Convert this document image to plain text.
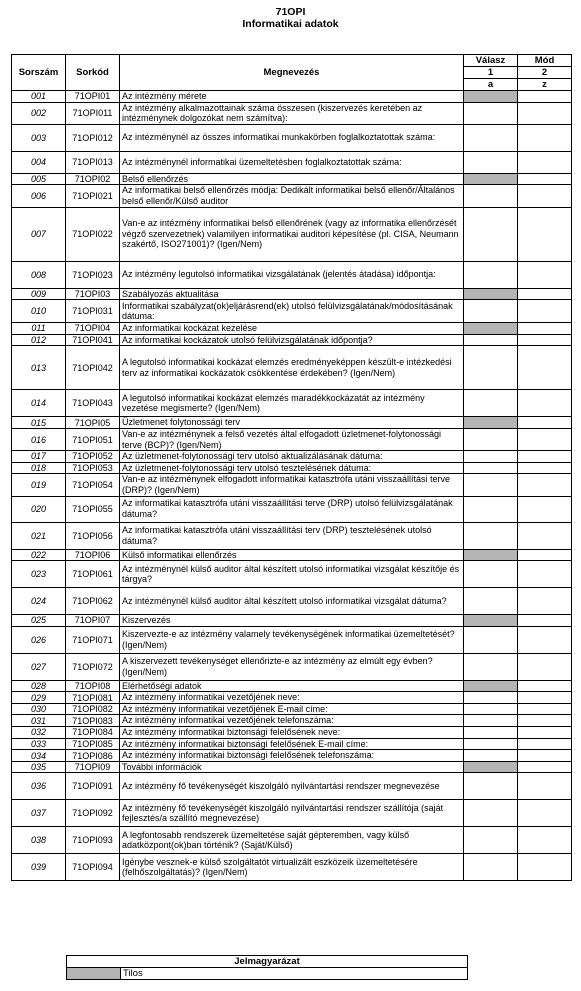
71OPI
Informatikai adatok
Sorszám	Sorkód	Megnevezés	Válasz	Mód
			1	2
			a	z
001	71OPI01	Az intézmény mérete		
002	71OPI011	Az intézmény alkalmazottainak száma összesen (kiszervezés keretében az intézménynek dolgozókat nem számítva):		
003	71OPI012	Az intézménynél az összes informatikai munkakörben foglalkoztatottak száma:		
004	71OPI013	Az intézménynél informatikai üzemeltetésben foglalkoztatottak száma:		
005	71OPI02	Belső ellenőrzés		
006	71OPI021	Az informatikai belső ellenőrzés módja: Dedikált informatikai belső ellenőr/Általános belső ellenőr/Külső auditor		
007	71OPI022	Van-e az intézmény informatikai belső ellenőrének (vagy az informatika ellenőrzését végző szervezetnek) valamilyen informatikai auditori képesítése (pl. CISA, Neumann szakértő, ISO271001)? (Igen/Nem)		
008	71OPI023	Az intézmény legutolsó informatikai vizsgálatának (jelentés átadása) időpontja:		
009	71OPI03	Szabályozás aktualitása		
010	71OPI031	Informatikai szabályzat(ok)eljárásrend(ek) utolsó felülvizsgálatának/módosításának dátuma:		
011	71OPI04	Az informatikai kockázat kezelése		
012	71OPI041	Az informatikai kockázatok utolsó felülvizsgálatának időpontja?		
013	71OPI042	A legutolsó informatikai kockázat elemzés eredményeképpen készült-e intézkedési terv az informatikai kockázatok csökkentése érdekében? (Igen/Nem)		
014	71OPI043	A legutolsó informatikai kockázat elemzés maradékkockázatát az intézmény vezetése megismerte? (Igen/Nem)		
015	71OPI05	Üzletmenet folytonossági terv		
016	71OPI051	Van-e az intézménynek a felső vezetés által elfogadott üzletmenet-folytonossági terve (BCP)? (Igen/Nem)		
017	71OPI052	Az üzletmenet-folytonossági terv utolsó aktualizálásának dátuma:		
018	71OPI053	Az üzletmenet-folytonossági terv utolsó tesztelésének dátuma:		
019	71OPI054	Van-e az intézménynek elfogadott informatikai katasztrófa utáni visszaállítási terve (DRP)? (Igen/Nem)		
020	71OPI055	Az informatikai katasztrófa utáni visszaállítási terve (DRP) utolsó felülvizsgálatának dátuma?		
021	71OPI056	Az informatikai katasztrófa utáni visszaállítási terv (DRP) tesztelésének utolsó dátuma?		
022	71OPI06	Külső informatikai ellenőrzés		
023	71OPI061	Az intézménynél külső auditor által készített utolsó informatikai vizsgálat készítője és tárgya?		
024	71OPI062	Az intézménynél külső auditor által készített utolsó informatikai vizsgálat dátuma?		
025	71OPI07	Kiszervezés		
026	71OPI071	Kiszervezte-e az intézmény valamely tevékenységének informatikai üzemeltetését? (Igen/Nem)		
027	71OPI072	A kiszervezett tevékenységet ellenőrizte-e az intézmény az elmúlt egy évben? (Igen/Nem)		
028	71OPI08	Elérhetőségi adatok		
029	71OPI081	Az intézmény informatikai vezetőjének neve:		
030	71OPI082	Az intézmény informatikai vezetőjének E-mail címe:		
031	71OPI083	Az intézmény informatikai vezetőjének telefonszáma:		
032	71OPI084	Az intézmény informatikai biztonsági felelősének neve:		
033	71OPI085	Az intézmény informatikai biztonsági felelősének E-mail címe:		
034	71OPI086	Az intézmény informatikai biztonsági felelősének telefonszáma:		
035	71OPI09	További információk		
036	71OPI091	Az intézmény fő tevékenységét kiszolgáló nyilvántartási rendszer megnevezése		
037	71OPI092	Az intézmény fő tevékenységét kiszolgáló nyilvántartási rendszer szállítója (saját fejlesztés/a szállító megnevezése)		
038	71OPI093	A legfontosabb rendszerek üzemeltetése saját gépteremben, vagy külső adatközpont(ok)ban történik? (Saját/Külső)		
039	71OPI094	Igénybe vesznek-e külső szolgáltatót virtualizált eszközeik üzemeltetésére (felhőszolgáltatás)? (Igen/Nem)		
Jelmagyarázat
	Tilos
